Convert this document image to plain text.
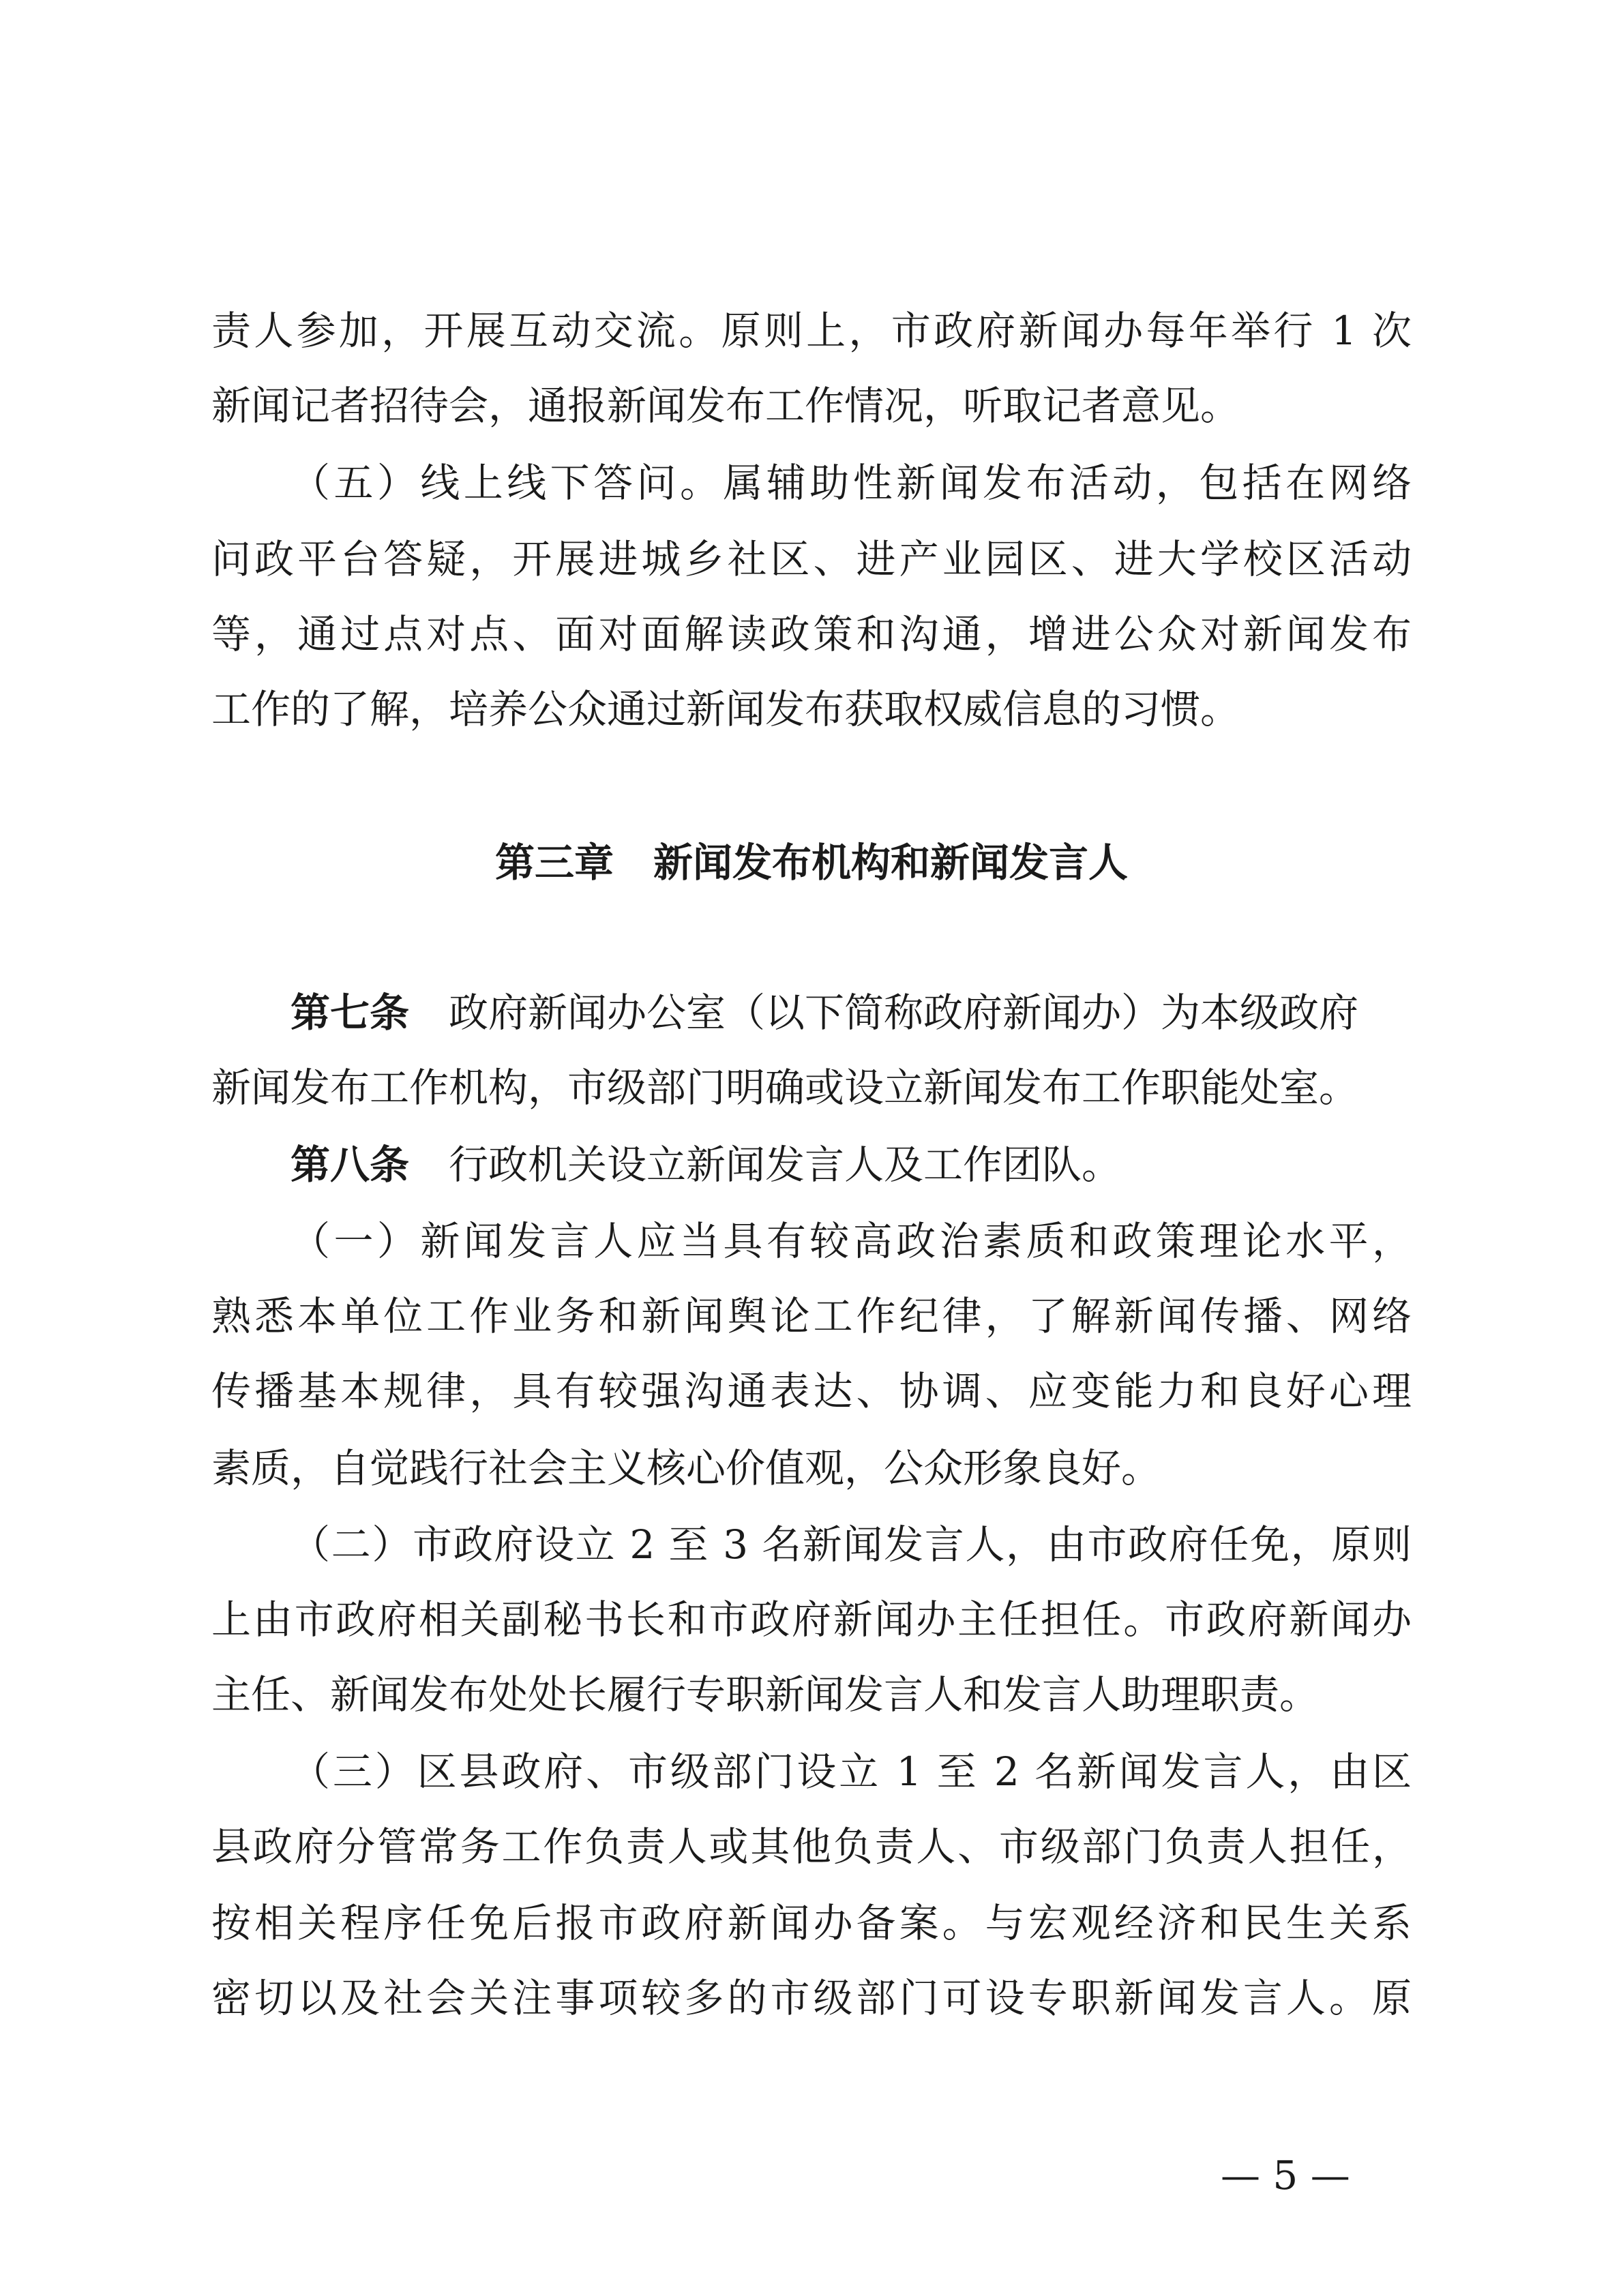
责人参加，开展互动交流。原则上，市政府新闻办每年举行 1 次
新闻记者招待会，通报新闻发布工作情况，听取记者意见。
（五）线上线下答问。属辅助性新闻发布活动，包括在网络
问政平台答疑，开展进城乡社区、进产业园区、进大学校区活动
等，通过点对点、面对面解读政策和沟通，增进公众对新闻发布
工作的了解，培养公众通过新闻发布获取权威信息的习惯。
第三章　新闻发布机构和新闻发言人
第七条 政府新闻办公室（以下简称政府新闻办）为本级政府
新闻发布工作机构，市级部门明确或设立新闻发布工作职能处室。
第八条 行政机关设立新闻发言人及工作团队。
（一）新闻发言人应当具有较高政治素质和政策理论水平，
熟悉本单位工作业务和新闻舆论工作纪律，了解新闻传播、网络
传播基本规律，具有较强沟通表达、协调、应变能力和良好心理
素质，自觉践行社会主义核心价值观，公众形象良好。
（二）市政府设立 2 至 3 名新闻发言人，由市政府任免，原则
上由市政府相关副秘书长和市政府新闻办主任担任。市政府新闻办
主任、新闻发布处处长履行专职新闻发言人和发言人助理职责。
（三）区县政府、市级部门设立 1 至 2 名新闻发言人，由区
县政府分管常务工作负责人或其他负责人、市级部门负责人担任，
按相关程序任免后报市政府新闻办备案。与宏观经济和民生关系
密切以及社会关注事项较多的市级部门可设专职新闻发言人。原
— 5 —
